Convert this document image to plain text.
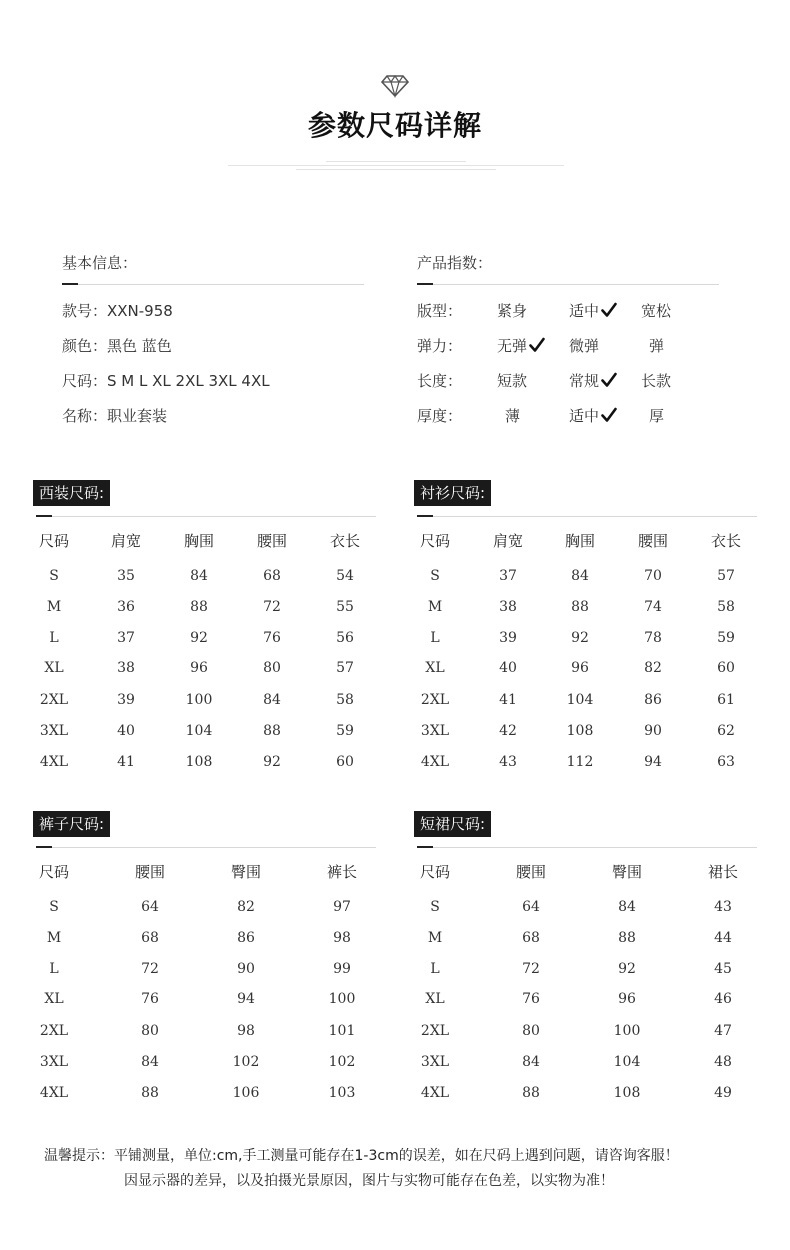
参数尺码详解
基本信息：
款号：XXN-958
颜色：黑色 蓝色
尺码：S M L XL 2XL 3XL 4XL
名称：职业套装
产品指数：
版型： 紧身	适中	宽松
弹力： 无弹	微弹	弹
长度： 短款	常规	长款
厚度：	薄	适中	厚
西装尺码:
尺码	肩宽	胸围	腰围	衣长
S	35	84	68	54
M	36	88	72	55
L	37	92	76	56
XL	38	96	80	57
2XL	39	100	84	58
3XL	40	104	88	59
4XL	41	108	92	60
衬衫尺码:
尺码	肩宽	胸围	腰围	衣长
S	37	84	70	57
M	38	88	74	58
L	39	92	78	59
XL	40	96	82	60
2XL	41	104	86	61
3XL	42	108	90	62
4XL	43	112	94	63
裤子尺码:
尺码	腰围	臀围	裤长
S	64	82	97
M	68	86	98
L	72	90	99
XL	76	94	100
2XL	80	98	101
3XL	84	102	102
4XL	88	106	103
短裙尺码:
尺码	腰围	臀围	裙长
S	64	84	43
M	68	88	44
L	72	92	45
XL	76	96	46
2XL	80	100	47
3XL	84	104	48
4XL	88	108	49
温馨提示：平铺测量，单位:cm,手工测量可能存在1-3cm的误差，如在尺码上遇到问题，请咨询客服！
因显示器的差异，以及拍摄光景原因，图片与实物可能存在色差，以实物为准！
